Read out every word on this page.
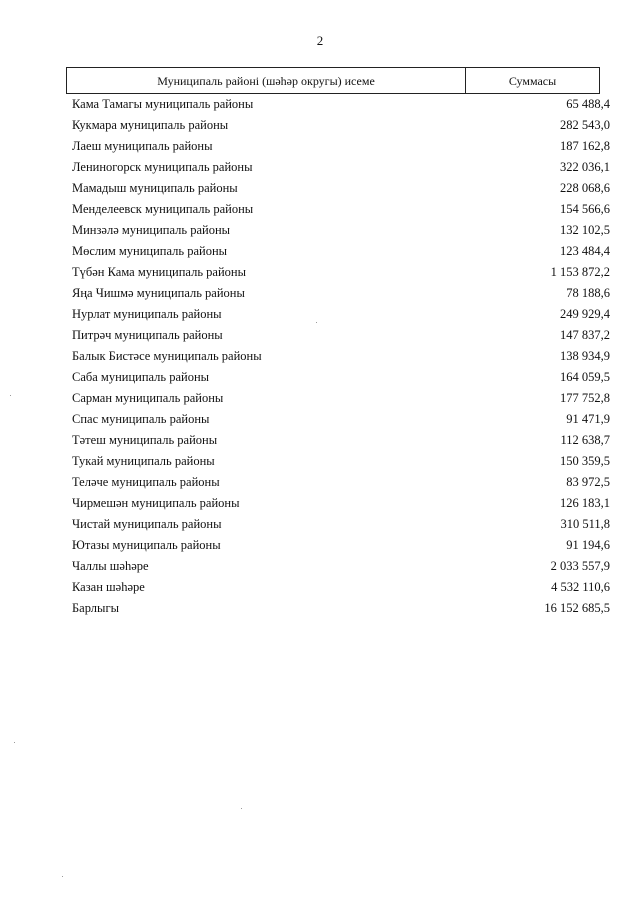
2
Муниципаль районі (шәһәр округы) исеме	Суммасы
Кама Тамагы муниципаль районы	65 488,4
Кукмара муниципаль районы	282 543,0
Лаеш муниципаль районы	187 162,8
Лениногорск муниципаль районы	322 036,1
Мамадыш муниципаль районы	228 068,6
Менделеевск муниципаль районы	154 566,6
Минзәлә муниципаль районы	132 102,5
Мөслим муниципаль районы	123 484,4
Түбән Кама муниципаль районы	1 153 872,2
Яңа Чишмә муниципаль районы	78 188,6
Нурлат муниципаль районы	249 929,4
Питрәч муниципаль районы	147 837,2
Балык Бистәсе муниципаль районы	138 934,9
Саба муниципаль районы	164 059,5
Сарман муниципаль районы	177 752,8
Спас муниципаль районы	91 471,9
Тәтеш муниципаль районы	112 638,7
Тукай муниципаль районы	150 359,5
Теләче муниципаль районы	83 972,5
Чирмешән муниципаль районы	126 183,1
Чистай муниципаль районы	310 511,8
Ютазы муниципаль районы	91 194,6
Чаллы шәһәре	2 033 557,9
Казан шәһәре	4 532 110,6
Барлыгы	16 152 685,5
